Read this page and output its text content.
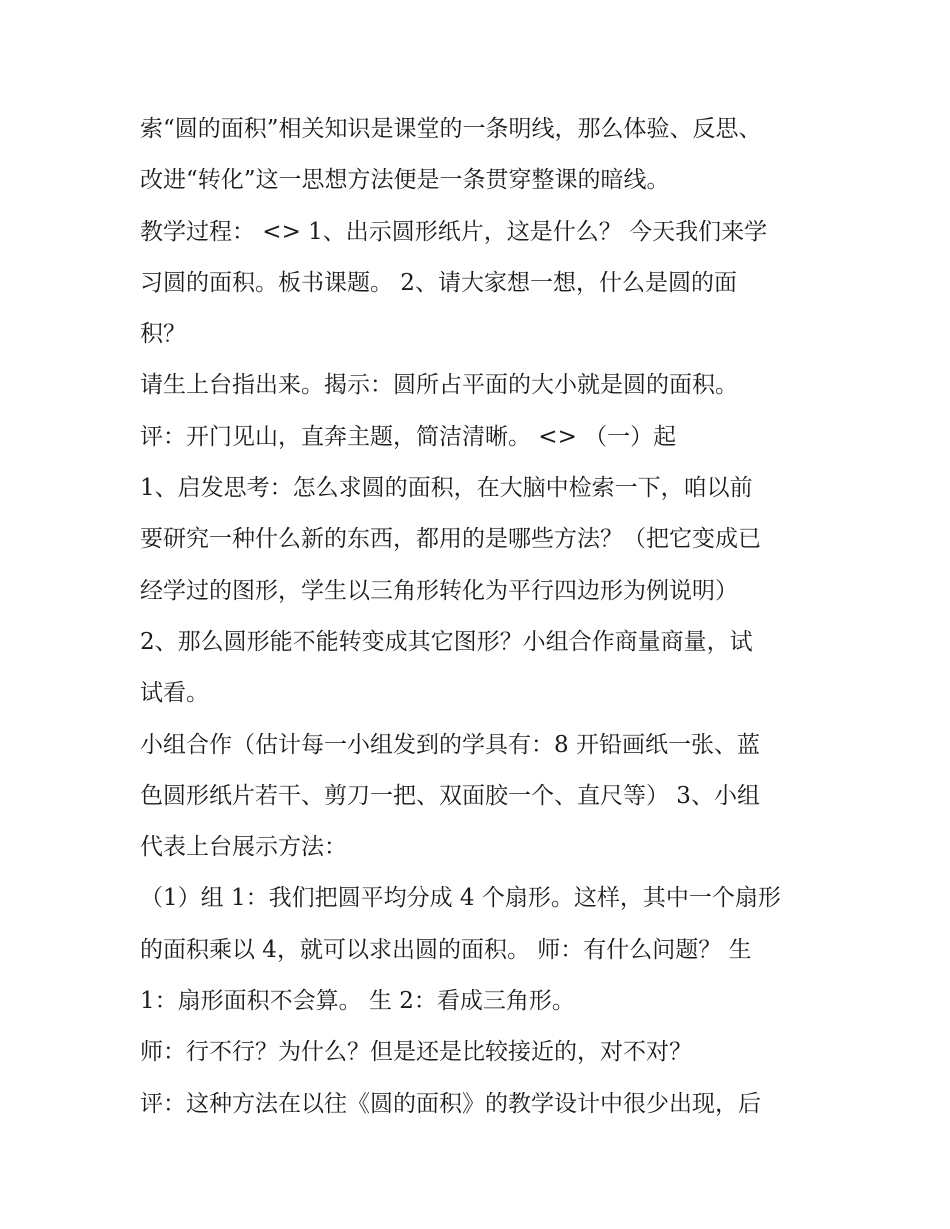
索“圆的面积”相关知识是课堂的一条明线，那么体验、反思、
改进“转化”这一思想方法便是一条贯穿整课的暗线。
教学过程： <> 1、出示圆形纸片，这是什么？ 今天我们来学
习圆的面积。板书课题。 2、请大家想一想，什么是圆的面
积？
请生上台指出来。揭示：圆所占平面的大小就是圆的面积。
评：开门见山，直奔主题，简洁清晰。 <> （一）起
1、启发思考：怎么求圆的面积，在大脑中检索一下，咱以前
要研究一种什么新的东西，都用的是哪些方法？（把它变成已
经学过的图形，学生以三角形转化为平行四边形为例说明）
2、那么圆形能不能转变成其它图形？小组合作商量商量，试
试看。
小组合作（估计每一小组发到的学具有：8 开铅画纸一张、蓝
色圆形纸片若干、剪刀一把、双面胶一个、直尺等） 3、小组
代表上台展示方法：
（1）组 1：我们把圆平均分成 4 个扇形。这样，其中一个扇形
的面积乘以 4，就可以求出圆的面积。 师：有什么问题？ 生
1：扇形面积不会算。 生 2：看成三角形。
师：行不行？为什么？但是还是比较接近的，对不对？
评：这种方法在以往《圆的面积》的教学设计中很少出现，后
